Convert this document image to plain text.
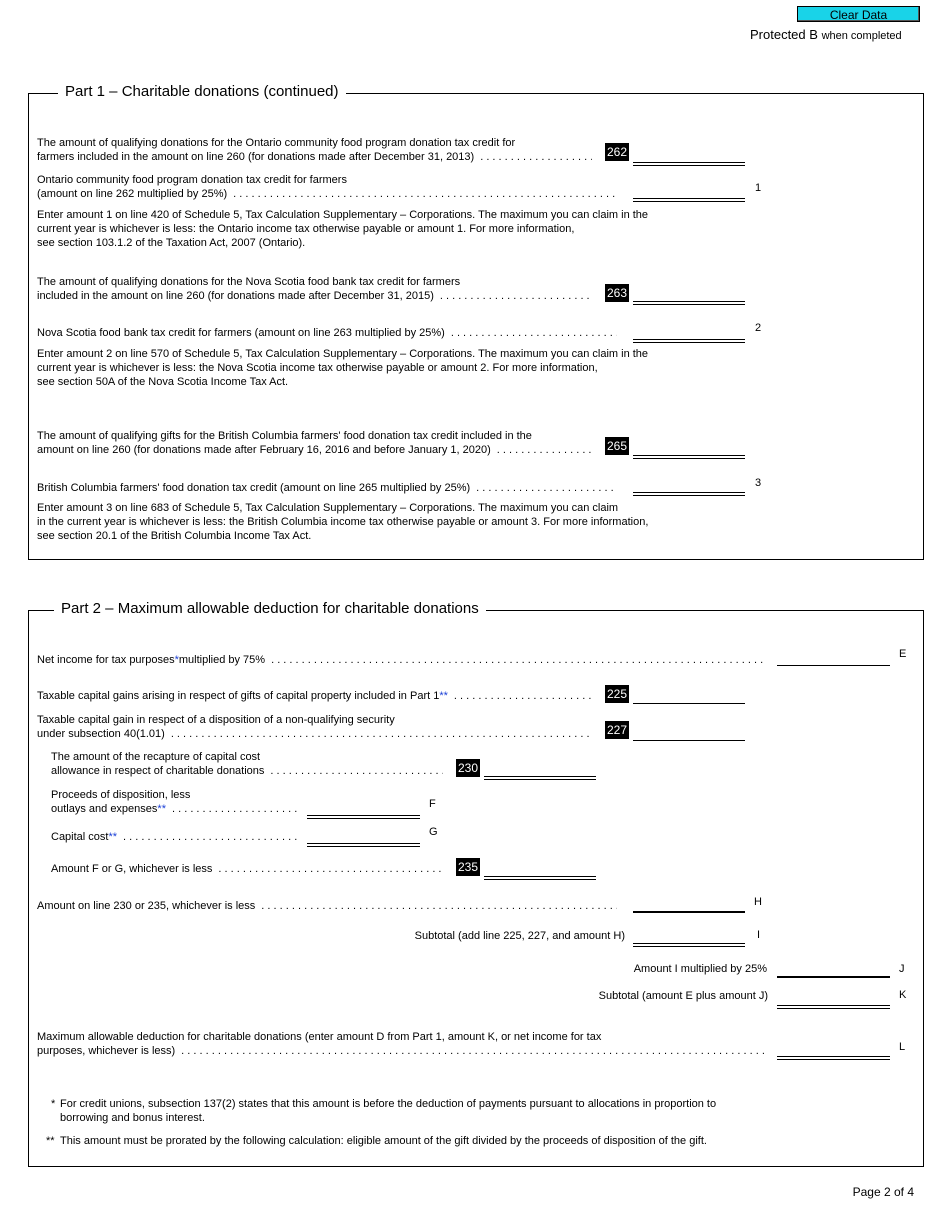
Clear Data
Protected B when completed
Part 1 – Charitable donations (continued)
The amount of qualifying donations for the Ontario community food program donation tax credit for
farmers included in the amount on line 260 (for donations made after December 31, 2013) . . .	262
Ontario community food program donation tax credit for farmers
(amount on line 262 multiplied by 25%) . . .	1
Enter amount 1 on line 420 of Schedule 5, Tax Calculation Supplementary – Corporations. The maximum you can claim in the
current year is whichever is less: the Ontario income tax otherwise payable or amount 1. For more information,
see section 103.1.2 of the Taxation Act, 2007 (Ontario).
The amount of qualifying donations for the Nova Scotia food bank tax credit for farmers
included in the amount on line 260 (for donations made after December 31, 2015) . . .	263
Nova Scotia food bank tax credit for farmers (amount on line 263 multiplied by 25%) . . .	2
Enter amount 2 on line 570 of Schedule 5, Tax Calculation Supplementary – Corporations. The maximum you can claim in the
current year is whichever is less: the Nova Scotia income tax otherwise payable or amount 2. For more information,
see section 50A of the Nova Scotia Income Tax Act.
The amount of qualifying gifts for the British Columbia farmers' food donation tax credit included in the
amount on line 260 (for donations made after February 16, 2016 and before January 1, 2020) . . .	265
British Columbia farmers' food donation tax credit (amount on line 265 multiplied by 25%) . . .	3
Enter amount 3 on line 683 of Schedule 5, Tax Calculation Supplementary – Corporations. The maximum you can claim
in the current year is whichever is less: the British Columbia income tax otherwise payable or amount 3. For more information,
see section 20.1 of the British Columbia Income Tax Act.
Part 2 – Maximum allowable deduction for charitable donations
Net income for tax purposes*multiplied by 75% . . .	E
Taxable capital gains arising in respect of gifts of capital property included in Part 1** . . .	225
Taxable capital gain in respect of a disposition of a non-qualifying security
under subsection 40(1.01) . . .	227
The amount of the recapture of capital cost
allowance in respect of charitable donations . . .	230
Proceeds of disposition, less
outlays and expenses** . . .	F
Capital cost** . . .	G
Amount F or G, whichever is less . . .	235
Amount on line 230 or 235, whichever is less . . .	H
Subtotal (add line 225, 227, and amount H)	I
Amount I multiplied by 25%	J
Subtotal (amount E plus amount J)	K
Maximum allowable deduction for charitable donations (enter amount D from Part 1, amount K, or net income for tax
purposes, whichever is less) . . .	L
* For credit unions, subsection 137(2) states that this amount is before the deduction of payments pursuant to allocations in proportion to
borrowing and bonus interest.
** This amount must be prorated by the following calculation: eligible amount of the gift divided by the proceeds of disposition of the gift.
Page 2 of 4
